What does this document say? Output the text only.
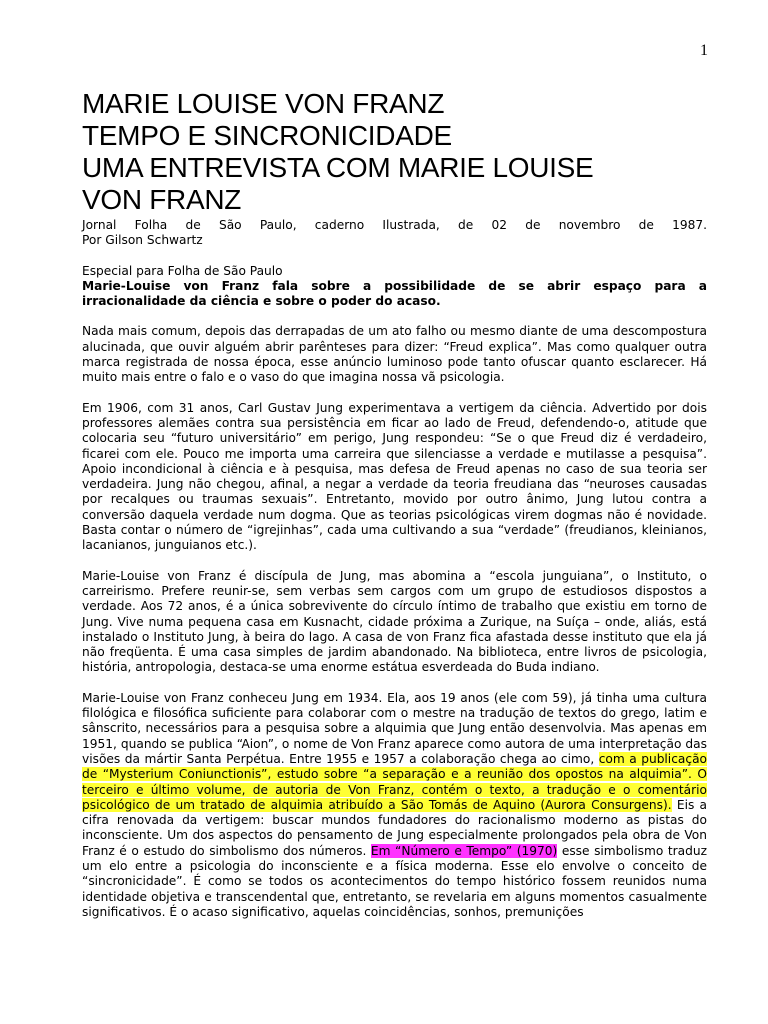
1
MARIE LOUISE VON FRANZ
TEMPO E SINCRONICIDADE
UMA ENTREVISTA COM MARIE LOUISE
VON FRANZ
Jornal Folha de São Paulo, caderno Ilustrada, de 02 de novembro de 1987.
Por Gilson Schwartz
Especial para Folha de São Paulo

Marie-Louise von Franz fala sobre a possibilidade de se abrir espaço para a irracionalidade da ciência e sobre o poder do acaso.

Nada mais comum, depois das derrapadas de um ato falho ou mesmo diante de uma descompostura alucinada, que ouvir alguém abrir parênteses para dizer: “Freud explica”. Mas como qualquer outra marca registrada de nossa época, esse anúncio luminoso pode tanto ofuscar quanto esclarecer. Há muito mais entre o falo e o vaso do que imagina nossa vã psicologia.

Em 1906, com 31 anos, Carl Gustav Jung experimentava a vertigem da ciência. Advertido por dois professores alemães contra sua persistência em ficar ao lado de Freud, defendendo-o, atitude que colocaria seu “futuro universitário” em perigo, Jung respondeu: “Se o que Freud diz é verdadeiro, ficarei com ele. Pouco me importa uma carreira que silenciasse a verdade e mutilasse a pesquisa”. Apoio incondicional à ciência e à pesquisa, mas defesa de Freud apenas no caso de sua teoria ser verdadeira. Jung não chegou, afinal, a negar a verdade da teoria freudiana das “neuroses causadas por recalques ou traumas sexuais”. Entretanto, movido por outro ânimo, Jung lutou contra a conversão daquela verdade num dogma. Que as teorias psicológicas virem dogmas não é novidade. Basta contar o número de “igrejinhas”, cada uma cultivando a sua “verdade” (freudianos, kleinianos, lacanianos, junguianos etc.).

Marie-Louise von Franz é discípula de Jung, mas abomina a “escola junguiana”, o Instituto, o carreirismo. Prefere reunir-se, sem verbas sem cargos com um grupo de estudiosos dispostos a verdade. Aos 72 anos, é a única sobrevivente do círculo íntimo de trabalho que existiu em torno de Jung. Vive numa pequena casa em Kusnacht, cidade próxima a Zurique, na Suíça – onde, aliás, está instalado o Instituto Jung, à beira do lago. A casa de von Franz fica afastada desse instituto que ela já não freqüenta. É uma casa simples de jardim abandonado. Na biblioteca, entre livros de psicologia, história, antropologia, destaca-se uma enorme estátua esverdeada do Buda indiano.

Marie-Louise von Franz conheceu Jung em 1934. Ela, aos 19 anos (ele com 59), já tinha uma cultura filológica e filosófica suficiente para colaborar com o mestre na tradução de textos do grego, latim e sânscrito, necessários para a pesquisa sobre a alquimia que Jung então desenvolvia. Mas apenas em 1951, quando se publica “Aion”, o nome de Von Franz aparece como autora de uma interpretação das visões da mártir Santa Perpétua. Entre 1955 e 1957 a colaboração chega ao cimo, com a publicação de “Mysterium Coniunctionis”, estudo sobre “a separação e a reunião dos opostos na alquimia”. O terceiro e último volume, de autoria de Von Franz, contém o texto, a tradução e o comentário psicológico de um tratado de alquimia atribuído a São Tomás de Aquino (Aurora Consurgens). Eis a cifra renovada da vertigem: buscar mundos fundadores do racionalismo moderno as pistas do inconsciente. Um dos aspectos do pensamento de Jung especialmente prolongados pela obra de Von Franz é o estudo do simbolismo dos números. Em “Número e Tempo” (1970) esse simbolismo traduz um elo entre a psicologia do inconsciente e a física moderna. Esse elo envolve o conceito de “sincronicidade”. É como se todos os acontecimentos do tempo histórico fossem reunidos numa identidade objetiva e transcendental que, entretanto, se revelaria em alguns momentos casualmente significativos. É o acaso significativo, aquelas coincidências, sonhos, premunições
